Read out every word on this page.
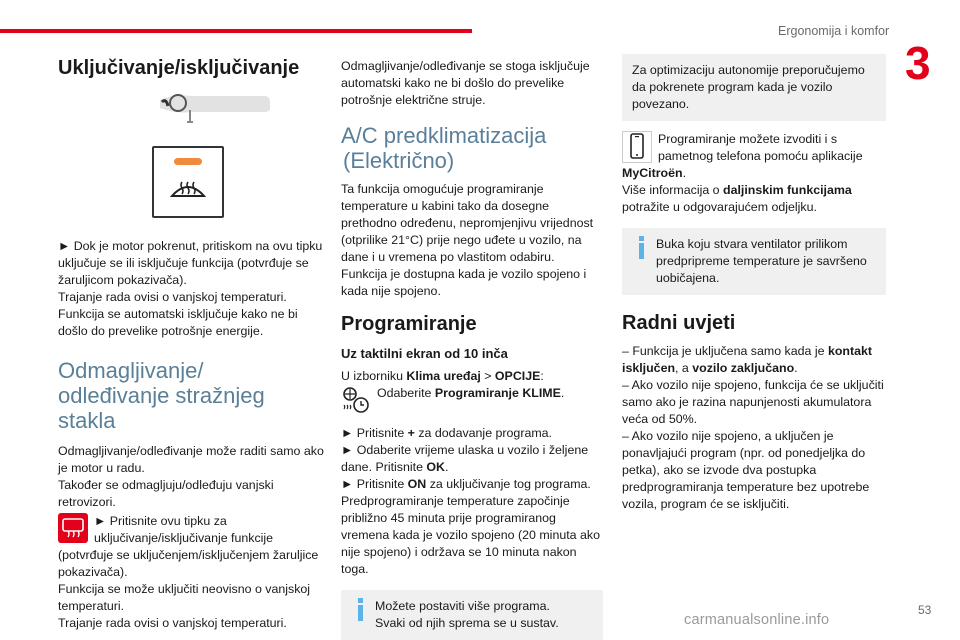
Ergonomija i komfor
3
Uključivanje/isključivanje

► Dok je motor pokrenut, pritiskom na ovu tipku uključuje se ili isključuje funkcija (potvrđuje se žaruljicom pokazivača).

Trajanje rada ovisi o vanjskoj temperaturi.

Funkcija se automatski isključuje kako ne bi došlo do prevelike potrošnje energije.

Odmagljivanje/
odleđivanje stražnjeg
stakla

Odmagljivanje/odleđivanje može raditi samo ako je motor u radu.

Također se odmagljuju/odleđuju vanjski retrovizori.

► Pritisnite ovu tipku za uključivanje/isključivanje funkcije (potvrđuje se uključenjem/isključenjem žaruljice pokazivača).

Funkcija se može uključiti neovisno o vanjskoj temperaturi.

Trajanje rada ovisi o vanjskoj temperaturi.

Odmagljivanje/odleđivanje se stoga isključuje automatski kako ne bi došlo do prevelike potrošnje električne struje.

A/C predklimatizacija
(Električno)

Ta funkcija omogućuje programiranje temperature u kabini tako da dosegne prethodno određenu, nepromjenjivu vrijednost (otprilike 21°C) prije nego uđete u vozilo, na dane i u vremena po vlastitom odabiru.

Funkcija je dostupna kada je vozilo spojeno i kada nije spojeno.

Programiranje
Uz taktilni ekran od 10 inča

U izborniku Klima uređaj > OPCIJE:

Odaberite Programiranje KLIME.

► Pritisnite + za dodavanje programa.

► Odaberite vrijeme ulaska u vozilo i željene dane. Pritisnite OK.

► Pritisnite ON za uključivanje tog programa.

Predprogramiranje temperature započinje približno 45 minuta prije programiranog vremena kada je vozilo spojeno (20 minuta ako nije spojeno) i održava se 10 minuta nakon toga.

Možete postaviti više programa.
Svaki od njih sprema se u sustav.
Za optimizaciju autonomije preporučujemo da pokrenete program kada je vozilo povezano.

Programiranje možete izvoditi i s pametnog telefona pomoću aplikacije MyCitroën.

Više informacija o daljinskim funkcijama potražite u odgovarajućem odjeljku.

Buka koju stvara ventilator prilikom predpripreme temperature je savršeno uobičajena.
Radni uvjeti

– Funkcija je uključena samo kada je kontakt isključen, a vozilo zaključano.

– Ako vozilo nije spojeno, funkcija će se uključiti samo ako je razina napunjenosti akumulatora veća od 50%.

– Ako vozilo nije spojeno, a uključen je ponavljajući program (npr. od ponedjeljka do petka), ako se izvode dva postupka predprogramiranja temperature bez upotrebe vozila, program će se isključiti.

carmanualsonline.info
53
